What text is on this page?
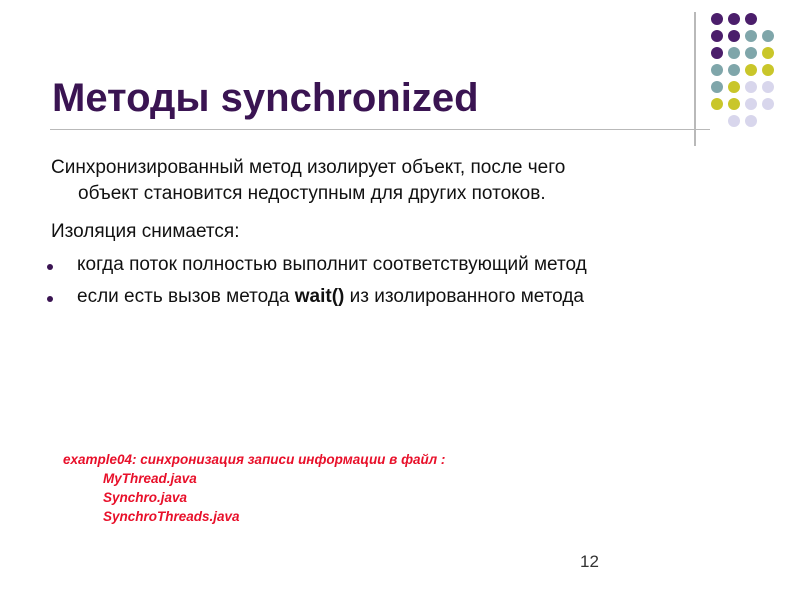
Методы synchronized

Синхронизированный метод изолирует объект, после чего
объект становится недоступным для других потоков.

Изоляция снимается:

когда поток полностью выполнит соответствующий метод
если есть вызов метода wait() из изолированного метода
example04: синхронизация записи информации в файл :
MyThread.java
Synchro.java
SynchroThreads.java
12
